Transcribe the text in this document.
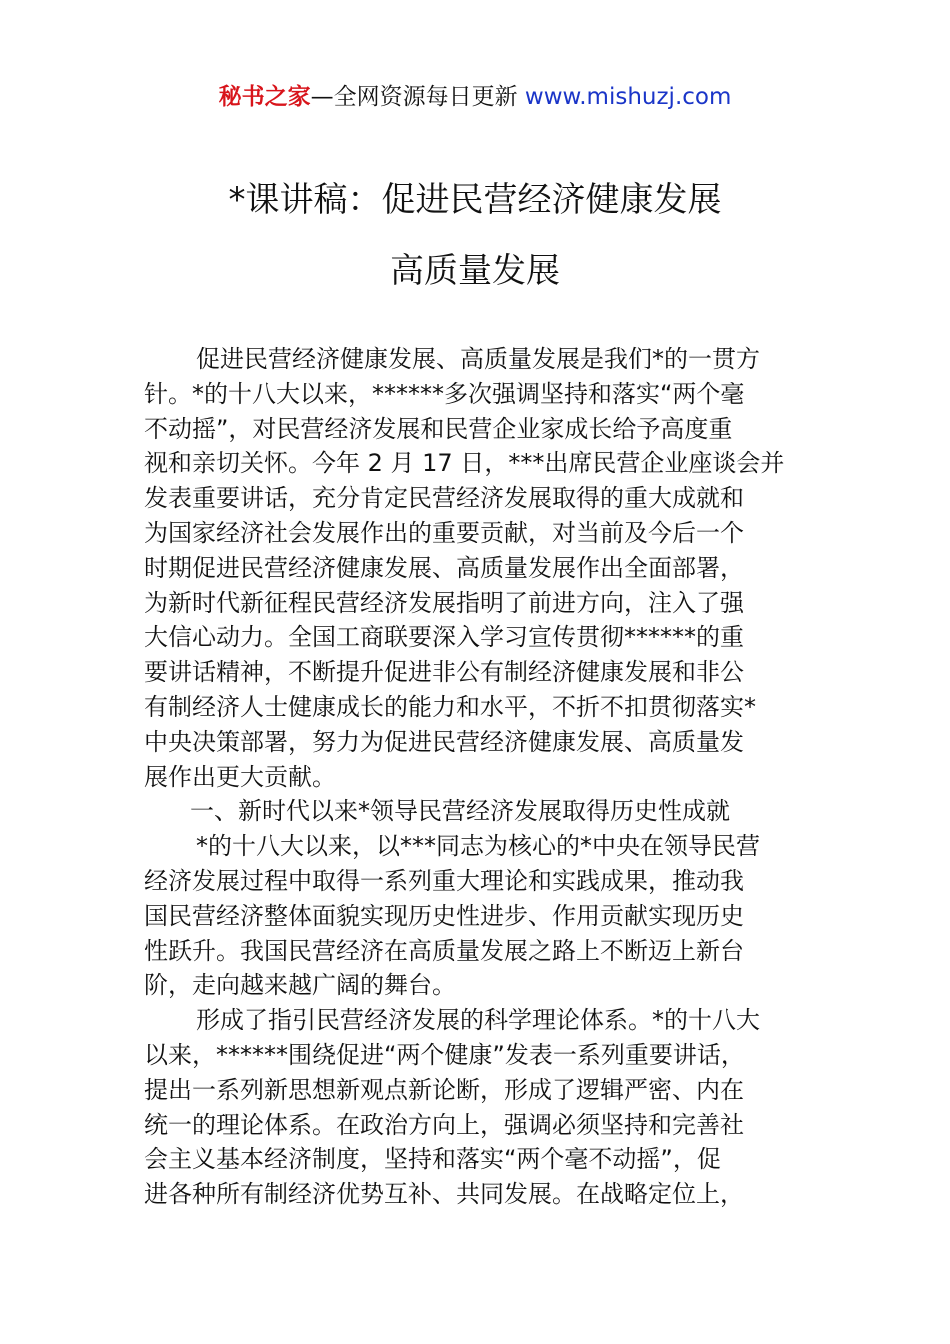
秘书之家—全网资源每日更新 www.mishuzj.com
*课讲稿：促进民营经济健康发展
高质量发展
促进民营经济健康发展、高质量发展是我们*的一贯方
针。*的十八大以来，******多次强调坚持和落实“两个毫
不动摇”，对民营经济发展和民营企业家成长给予高度重
视和亲切关怀。今年 2 月 17 日，***出席民营企业座谈会并
发表重要讲话，充分肯定民营经济发展取得的重大成就和
为国家经济社会发展作出的重要贡献，对当前及今后一个
时期促进民营经济健康发展、高质量发展作出全面部署，
为新时代新征程民营经济发展指明了前进方向，注入了强
大信心动力。全国工商联要深入学习宣传贯彻******的重
要讲话精神，不断提升促进非公有制经济健康发展和非公
有制经济人士健康成长的能力和水平，不折不扣贯彻落实*
中央决策部署，努力为促进民营经济健康发展、高质量发
展作出更大贡献。
一、新时代以来*领导民营经济发展取得历史性成就
*的十八大以来，以***同志为核心的*中央在领导民营
经济发展过程中取得一系列重大理论和实践成果，推动我
国民营经济整体面貌实现历史性进步、作用贡献实现历史
性跃升。我国民营经济在高质量发展之路上不断迈上新台
阶，走向越来越广阔的舞台。
形成了指引民营经济发展的科学理论体系。*的十八大
以来，******围绕促进“两个健康”发表一系列重要讲话，
提出一系列新思想新观点新论断，形成了逻辑严密、内在
统一的理论体系。在政治方向上，强调必须坚持和完善社
会主义基本经济制度，坚持和落实“两个毫不动摇”，促
进各种所有制经济优势互补、共同发展。在战略定位上，
